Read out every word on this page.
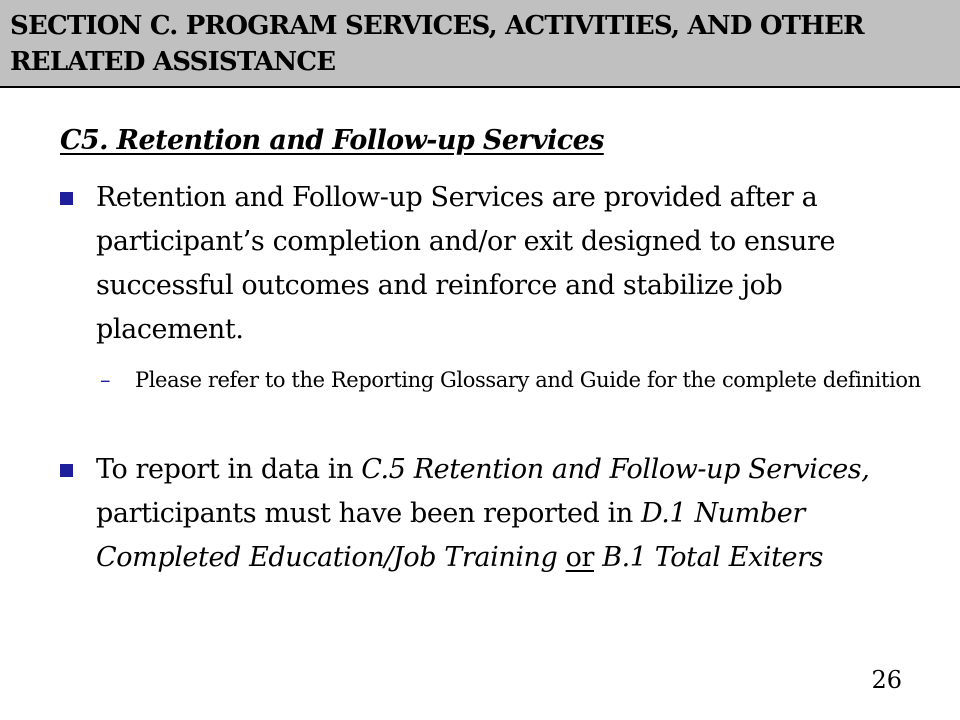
SECTION C. PROGRAM SERVICES, ACTIVITIES, AND OTHER RELATED ASSISTANCE
C5. Retention and Follow-up Services

Retention and Follow-up Services are provided after a participant’s completion and/or exit designed to ensure successful outcomes and reinforce and stabilize job placement.

– Please refer to the Reporting Glossary and Guide for the complete definition

To report in data in C.5 Retention and Follow-up Services, participants must have been reported in D.1 Number Completed Education/Job Training or B.1 Total Exiters

26
